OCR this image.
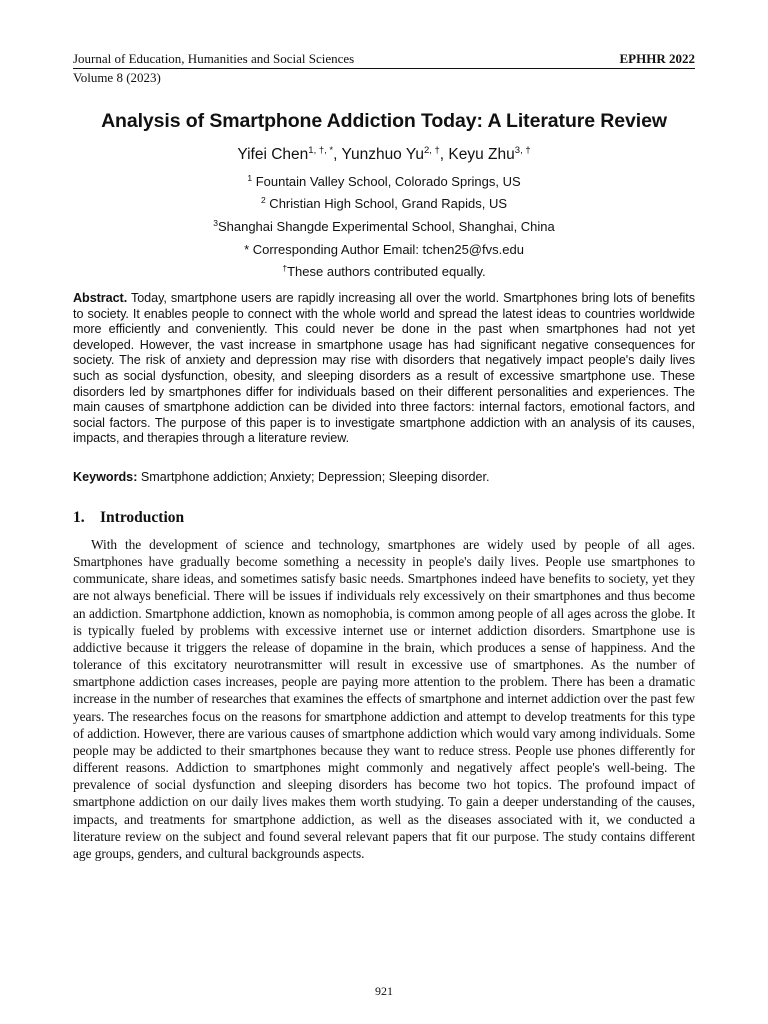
Journal of Education, Humanities and Social Sciences	EPHHR 2022
Volume 8 (2023)
Analysis of Smartphone Addiction Today: A Literature Review
Yifei Chen$^{1, \dagger, *}$, Yunzhuo $Yu^{2, \dagger}$, Keyu Zhu$^{3, \dagger}$
$^1$ Fountain Valley School, Colorado Springs, US
$^2$ Christian High School, Grand Rapids, US
$^3$Shanghai Shangde Experimental School, Shanghai, China
* Corresponding Author Email: tchen25@fvs.edu
†These authors contributed equally.
Abstract. Today, smartphone users are rapidly increasing all over the world. Smartphones bring lots of benefits to society. It enables people to connect with the whole world and spread the latest ideas to countries worldwide more efficiently and conveniently. This could never be done in the past when smartphones had not yet developed. However, the vast increase in smartphone usage has had significant negative consequences for society. The risk of anxiety and depression may rise with disorders that negatively impact people's daily lives such as social dysfunction, obesity, and sleeping disorders as a result of excessive smartphone use. These disorders led by smartphones differ for individuals based on their different personalities and experiences. The main causes of smartphone addiction can be divided into three factors: internal factors, emotional factors, and social factors. The purpose of this paper is to investigate smartphone addiction with an analysis of its causes, impacts, and therapies through a literature review.
Keywords: Smartphone addiction; Anxiety; Depression; Sleeping disorder.
1. Introduction
With the development of science and technology, smartphones are widely used by people of all ages. Smartphones have gradually become something a necessity in people's daily lives. People use smartphones to communicate, share ideas, and sometimes satisfy basic needs. Smartphones indeed have benefits to society, yet they are not always beneficial. There will be issues if individuals rely excessively on their smartphones and thus become an addiction. Smartphone addiction, known as nomophobia, is common among people of all ages across the globe. It is typically fueled by problems with excessive internet use or internet addiction disorders. Smartphone use is addictive because it triggers the release of dopamine in the brain, which produces a sense of happiness. And the tolerance of this excitatory neurotransmitter will result in excessive use of smartphones. As the number of smartphone addiction cases increases, people are paying more attention to the problem. There has been a dramatic increase in the number of researches that examines the effects of smartphone and internet addiction over the past few years. The researches focus on the reasons for smartphone addiction and attempt to develop treatments for this type of addiction. However, there are various causes of smartphone addiction which would vary among individuals. Some people may be addicted to their smartphones because they want to reduce stress. People use phones differently for different reasons. Addiction to smartphones might commonly and negatively affect people's well-being. The prevalence of social dysfunction and sleeping disorders has become two hot topics. The profound impact of smartphone addiction on our daily lives makes them worth studying. To gain a deeper understanding of the causes, impacts, and treatments for smartphone addiction, as well as the diseases associated with it, we conducted a literature review on the subject and found several relevant papers that fit our purpose. The study contains different age groups, genders, and cultural backgrounds aspects.
921
